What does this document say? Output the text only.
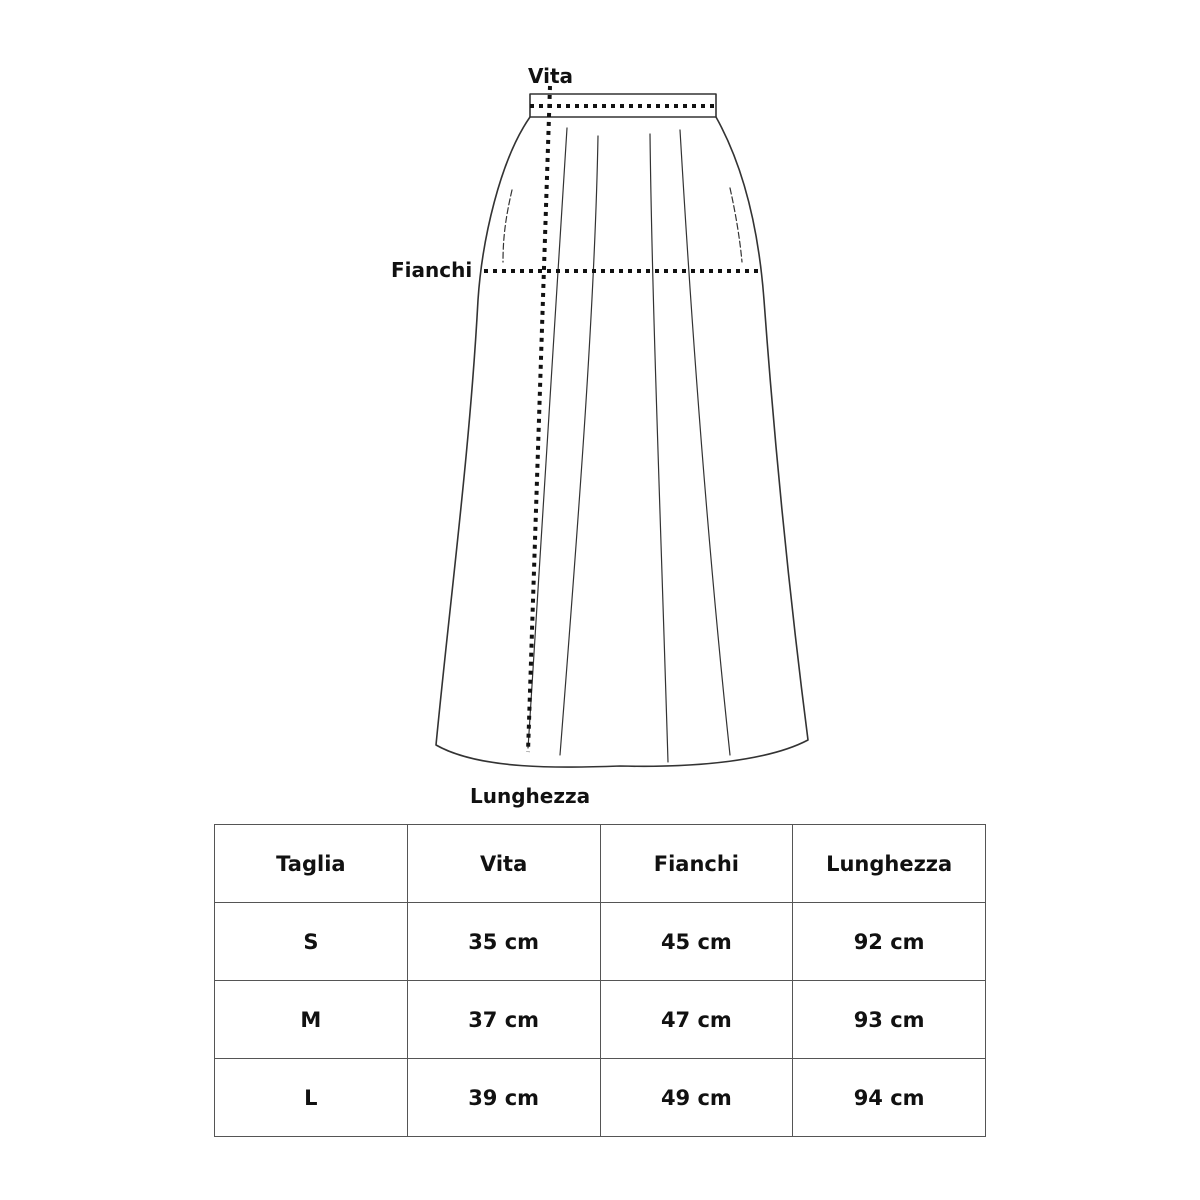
Vita
Fianchi
Lunghezza
Taglia	Vita	Fianchi	Lunghezza
S	35 cm	45 cm	92 cm
M	37 cm	47 cm	93 cm
L	39 cm	49 cm	94 cm
